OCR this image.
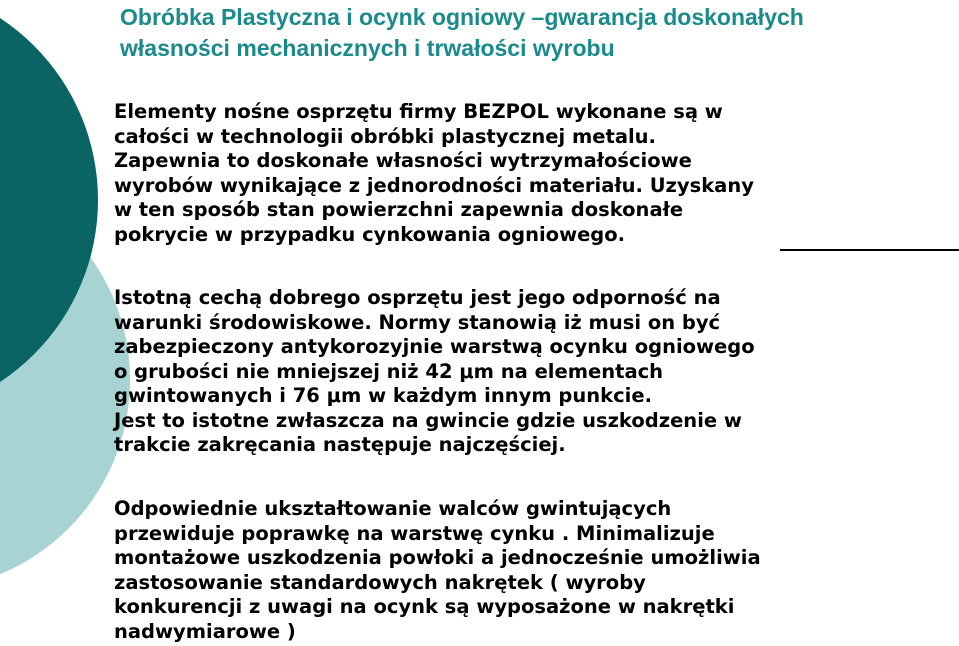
Obróbka Plastyczna i ocynk ogniowy –gwarancja doskonałych
własności mechanicznych i trwałości wyrobu
Elementy nośne osprzętu firmy BEZPOL wykonane są w
całości w technologii obróbki plastycznej metalu.
Zapewnia to doskonałe własności wytrzymałościowe
wyrobów wynikające z jednorodności materiału. Uzyskany
w ten sposób stan powierzchni zapewnia doskonałe
pokrycie w przypadku cynkowania ogniowego.
Istotną cechą dobrego osprzętu jest jego odporność na
warunki środowiskowe. Normy stanowią iż musi on być
zabezpieczony antykorozyjnie warstwą ocynku ogniowego
o grubości nie mniejszej niż 42 μm na elementach
gwintowanych i 76 μm w każdym innym punkcie.
Jest to istotne zwłaszcza na gwincie gdzie uszkodzenie w
trakcie zakręcania następuje najczęściej.
Odpowiednie ukształtowanie walców gwintujących
przewiduje poprawkę na warstwę cynku . Minimalizuje
montażowe uszkodzenia powłoki a jednocześnie umożliwia
zastosowanie standardowych nakrętek ( wyroby
konkurencji z uwagi na ocynk są wyposażone w nakrętki
nadwymiarowe )
